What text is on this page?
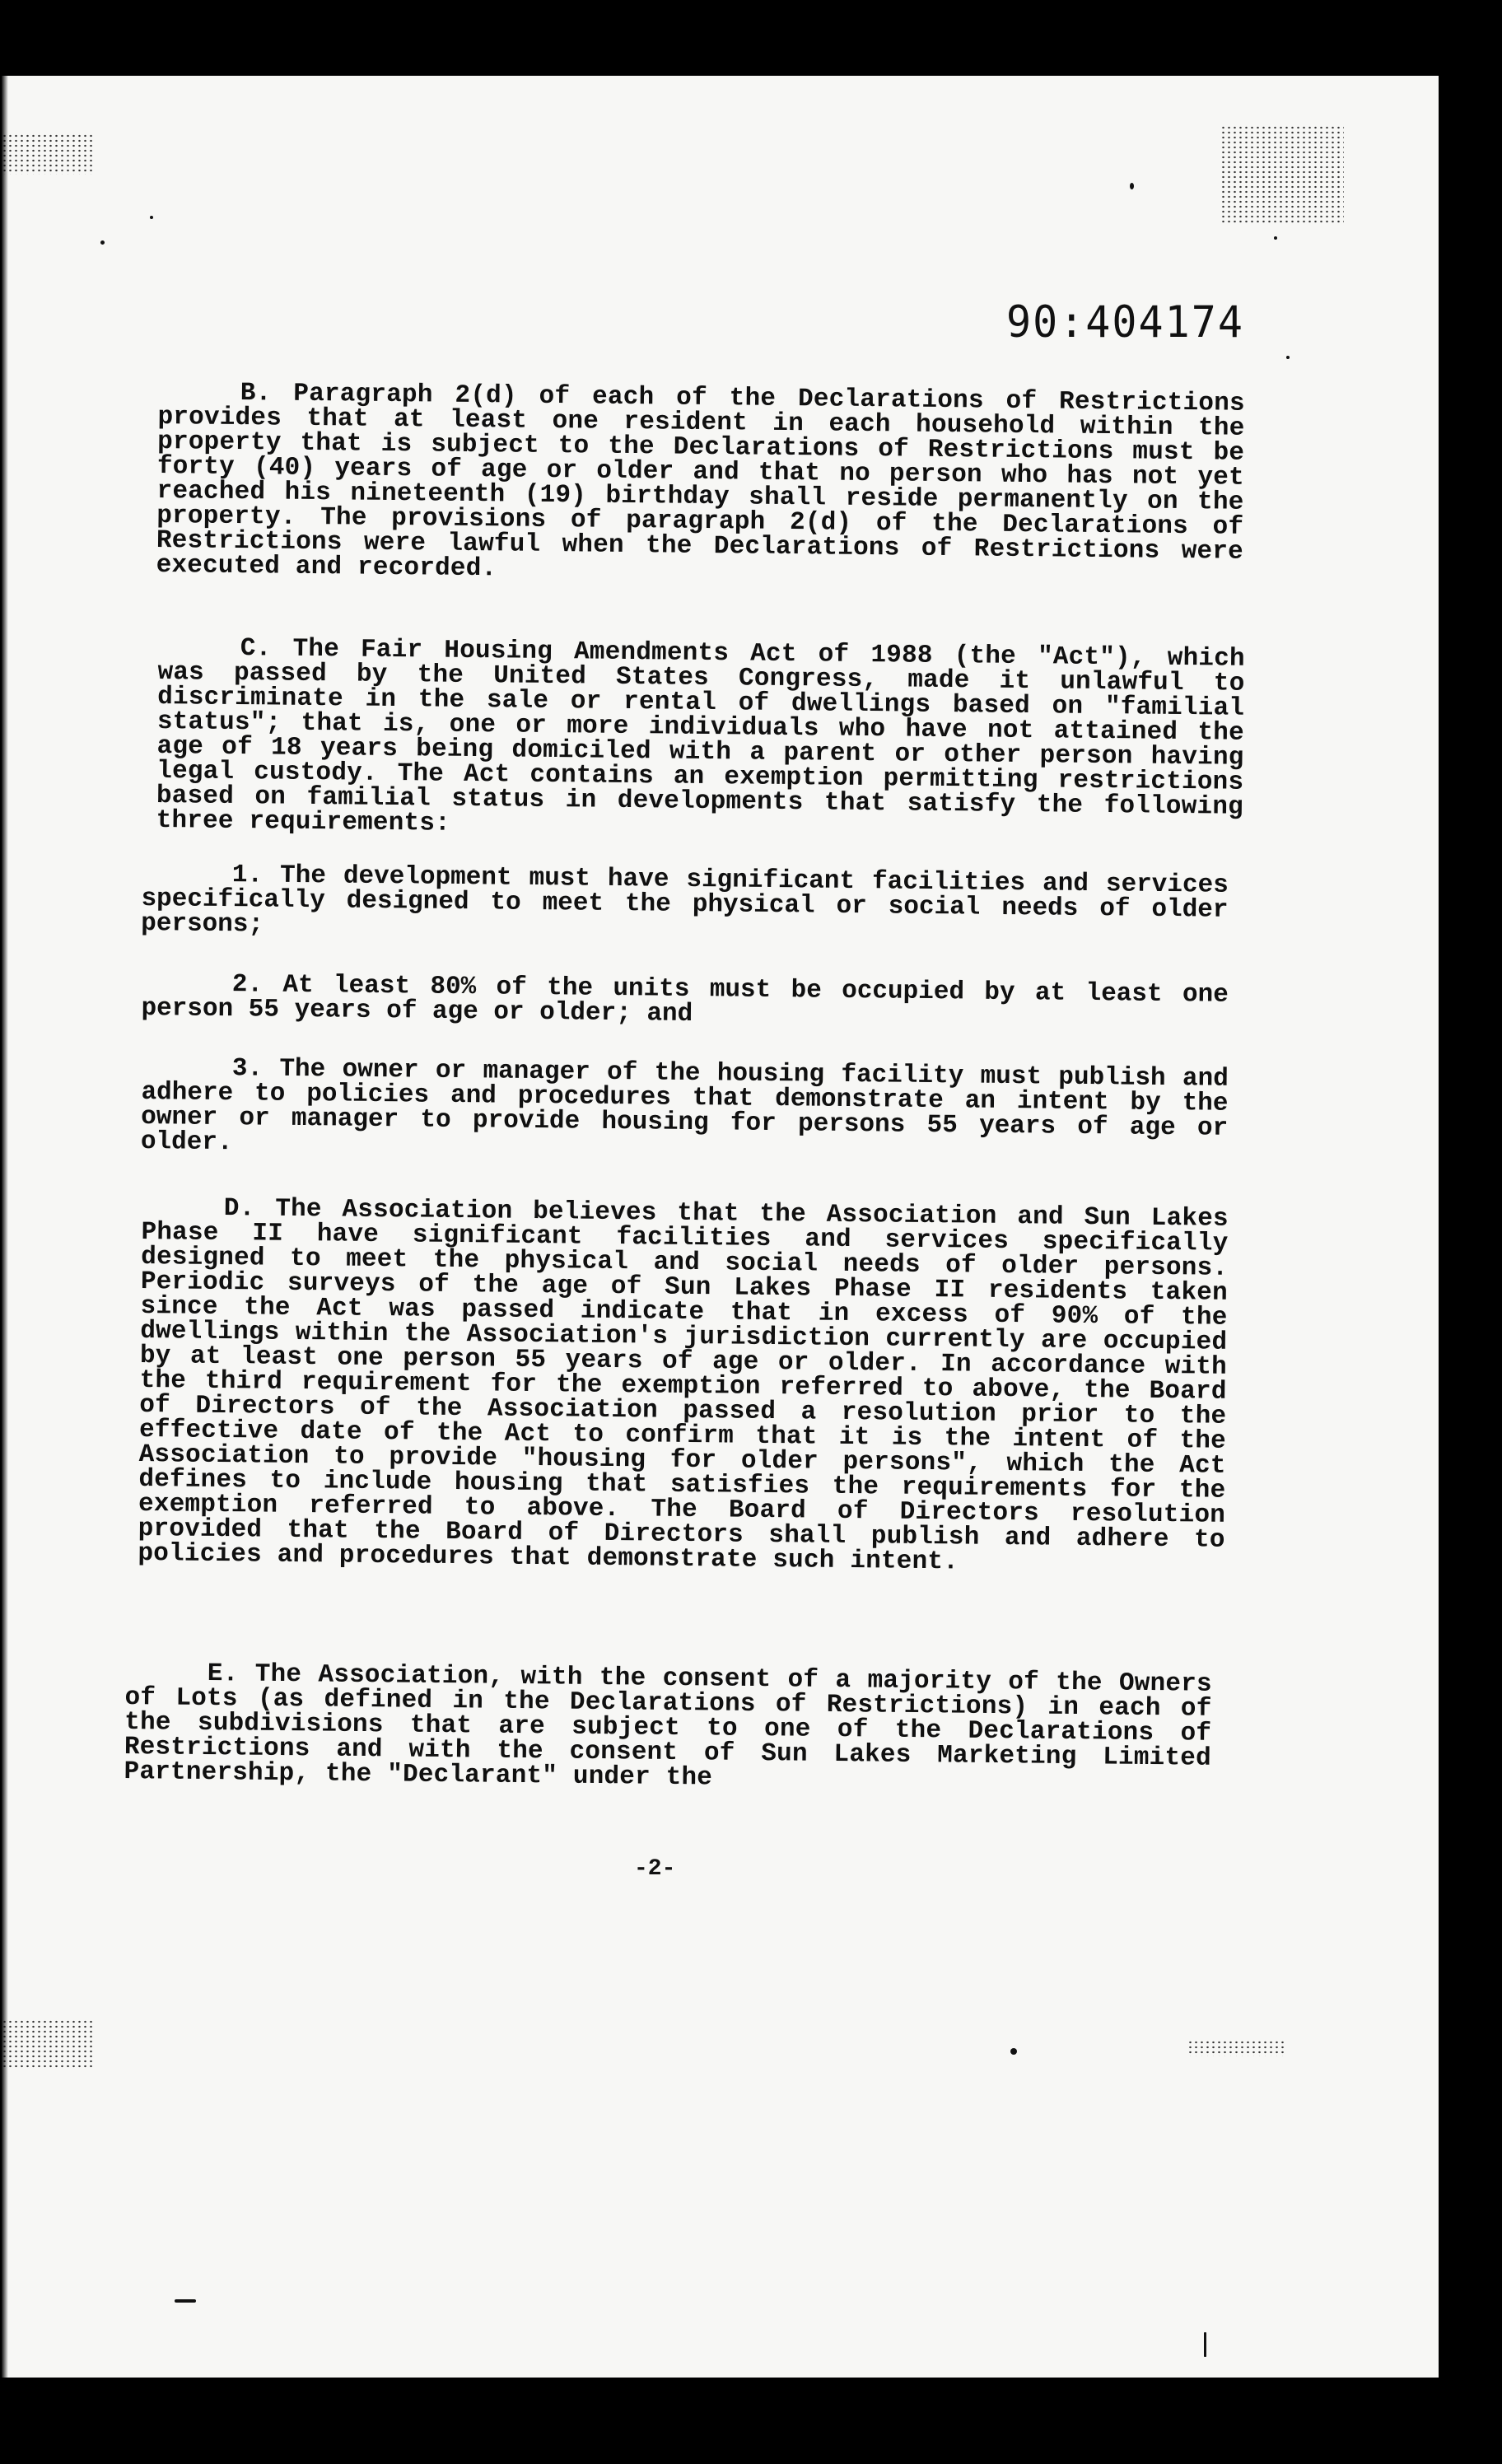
90:404174
B. Paragraph 2(d) of each of the Declarations of Restrictions provides that at least one resident in each household within the property that is subject to the Declarations of Restrictions must be forty (40) years of age or older and that no person who has not yet reached his nineteenth (19) birthday shall reside permanently on the property. The provisions of paragraph 2(d) of the Declarations of Restrictions were lawful when the Declarations of Restrictions were executed and recorded.
C. The Fair Housing Amendments Act of 1988 (the "Act"), which was passed by the United States Congress, made it unlawful to discriminate in the sale or rental of dwellings based on "familial status"; that is, one or more individuals who have not attained the age of 18 years being domiciled with a parent or other person having legal custody. The Act contains an exemption permitting restrictions based on familial status in developments that satisfy the following three requirements:
1. The development must have significant facilities and services specifically designed to meet the physical or social needs of older persons;
2. At least 80% of the units must be occupied by at least one person 55 years of age or older; and
3. The owner or manager of the housing facility must publish and adhere to policies and procedures that demonstrate an intent by the owner or manager to provide housing for persons 55 years of age or older.
D. The Association believes that the Association and Sun Lakes Phase II have significant facilities and services specifically designed to meet the physical and social needs of older persons. Periodic surveys of the age of Sun Lakes Phase II residents taken since the Act was passed indicate that in excess of 90% of the dwellings within the Association's jurisdiction currently are occupied by at least one person 55 years of age or older. In accordance with the third requirement for the exemption referred to above, the Board of Directors of the Association passed a resolution prior to the effective date of the Act to confirm that it is the intent of the Association to provide "housing for older persons", which the Act defines to include housing that satisfies the requirements for the exemption referred to above. The Board of Directors resolution provided that the Board of Directors shall publish and adhere to policies and procedures that demonstrate such intent.
E. The Association, with the consent of a majority of the Owners of Lots (as defined in the Declarations of Restrictions) in each of the subdivisions that are subject to one of the Declarations of Restrictions and with the consent of Sun Lakes Marketing Limited Partnership, the "Declarant" under the
-2-
